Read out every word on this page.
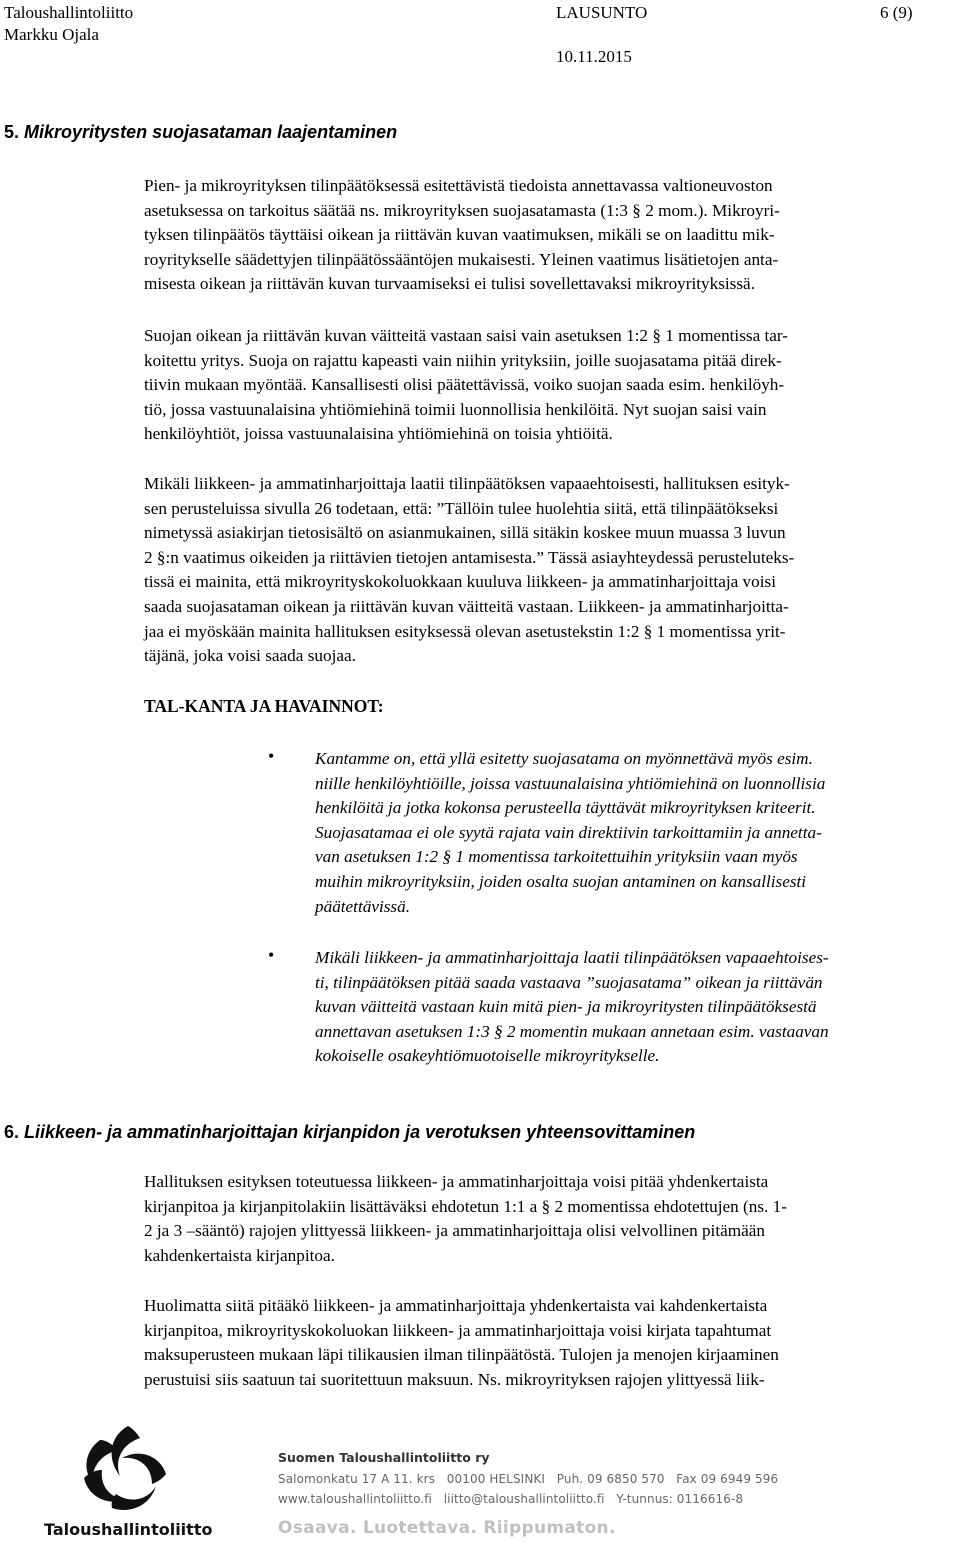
Taloushallintoliitto
Markku Ojala
LAUSUNTO	6 (9)
10.11.2015
5. Mikroyritysten suojasataman laajentaminen
Pien- ja mikroyrityksen tilinpäätöksessä esitettävistä tiedoista annettavassa valtioneuvoston
asetuksessa on tarkoitus säätää ns. mikroyrityksen suojasatamasta (1:3 § 2 mom.). Mikroyri-
tyksen tilinpäätös täyttäisi oikean ja riittävän kuvan vaatimuksen, mikäli se on laadittu mik-
royritykselle säädettyjen tilinpäätössääntöjen mukaisesti. Yleinen vaatimus lisätietojen anta-
misesta oikean ja riittävän kuvan turvaamiseksi ei tulisi sovellettavaksi mikroyrityksissä.
Suojan oikean ja riittävän kuvan väitteitä vastaan saisi vain asetuksen 1:2 § 1 momentissa tar-
koitettu yritys. Suoja on rajattu kapeasti vain niihin yrityksiin, joille suojasatama pitää direk-
tiivin mukaan myöntää. Kansallisesti olisi päätettävissä, voiko suojan saada esim. henkilöyh-
tiö, jossa vastuunalaisina yhtiömiehinä toimii luonnollisia henkilöitä. Nyt suojan saisi vain
henkilöyhtiöt, joissa vastuunalaisina yhtiömiehinä on toisia yhtiöitä.
Mikäli liikkeen- ja ammatinharjoittaja laatii tilinpäätöksen vapaaehtoisesti, hallituksen esityk-
sen perusteluissa sivulla 26 todetaan, että: ”Tällöin tulee huolehtia siitä, että tilinpäätökseksi
nimetyssä asiakirjan tietosisältö on asianmukainen, sillä sitäkin koskee muun muassa 3 luvun
2 §:n vaatimus oikeiden ja riittävien tietojen antamisesta.” Tässä asiayhteydessä perusteluteks-
tissä ei mainita, että mikroyrityskokoluokkaan kuuluva liikkeen- ja ammatinharjoittaja voisi
saada suojasataman oikean ja riittävän kuvan väitteitä vastaan. Liikkeen- ja ammatinharjoitta-
jaa ei myöskään mainita hallituksen esityksessä olevan asetustekstin 1:2 § 1 momentissa yrit-
täjänä, joka voisi saada suojaa.
TAL-KANTA JA HAVAINNOT:
• Kantamme on, että yllä esitetty suojasatama on myönnettävä myös esim.
niille henkilöyhtiöille, joissa vastuunalaisina yhtiömiehinä on luonnollisia
henkilöitä ja jotka kokonsa perusteella täyttävät mikroyrityksen kriteerit.
Suojasatamaa ei ole syytä rajata vain direktiivin tarkoittamiin ja annetta-
van asetuksen 1:2 § 1 momentissa tarkoitettuihin yrityksiin vaan myös
muihin mikroyrityksiin, joiden osalta suojan antaminen on kansallisesti
päätettävissä.
• Mikäli liikkeen- ja ammatinharjoittaja laatii tilinpäätöksen vapaaehtoises-
ti, tilinpäätöksen pitää saada vastaava ”suojasatama” oikean ja riittävän
kuvan väitteitä vastaan kuin mitä pien- ja mikroyritysten tilinpäätöksestä
annettavan asetuksen 1:3 § 2 momentin mukaan annetaan esim. vastaavan
kokoiselle osakeyhtiömuotoiselle mikroyritykselle.
6. Liikkeen- ja ammatinharjoittajan kirjanpidon ja verotuksen yhteensovittaminen
Hallituksen esityksen toteutuessa liikkeen- ja ammatinharjoittaja voisi pitää yhdenkertaista
kirjanpitoa ja kirjanpitolakiin lisättäväksi ehdotetun 1:1 a § 2 momentissa ehdotettujen (ns. 1-
2 ja 3 –sääntö) rajojen ylittyessä liikkeen- ja ammatinharjoittaja olisi velvollinen pitämään
kahdenkertaista kirjanpitoa.
Huolimatta siitä pitääkö liikkeen- ja ammatinharjoittaja yhdenkertaista vai kahdenkertaista
kirjanpitoa, mikroyrityskokoluokan liikkeen- ja ammatinharjoittaja voisi kirjata tapahtumat
maksuperusteen mukaan läpi tilikausien ilman tilinpäätöstä. Tulojen ja menojen kirjaaminen
perustuisi siis saatuun tai suoritettuun maksuun. Ns. mikroyrityksen rajojen ylittyessä liik-
Taloushallintoliitto
Suomen Taloushallintoliitto ry
Salomonkatu 17 A 11. krs   00100 HELSINKI   Puh. 09 6850 570   Fax 09 6949 596
www.taloushallintoliitto.fi   liitto@taloushallintoliitto.fi   Y-tunnus: 0116616-8
Osaava. Luotettava. Riippumaton.
